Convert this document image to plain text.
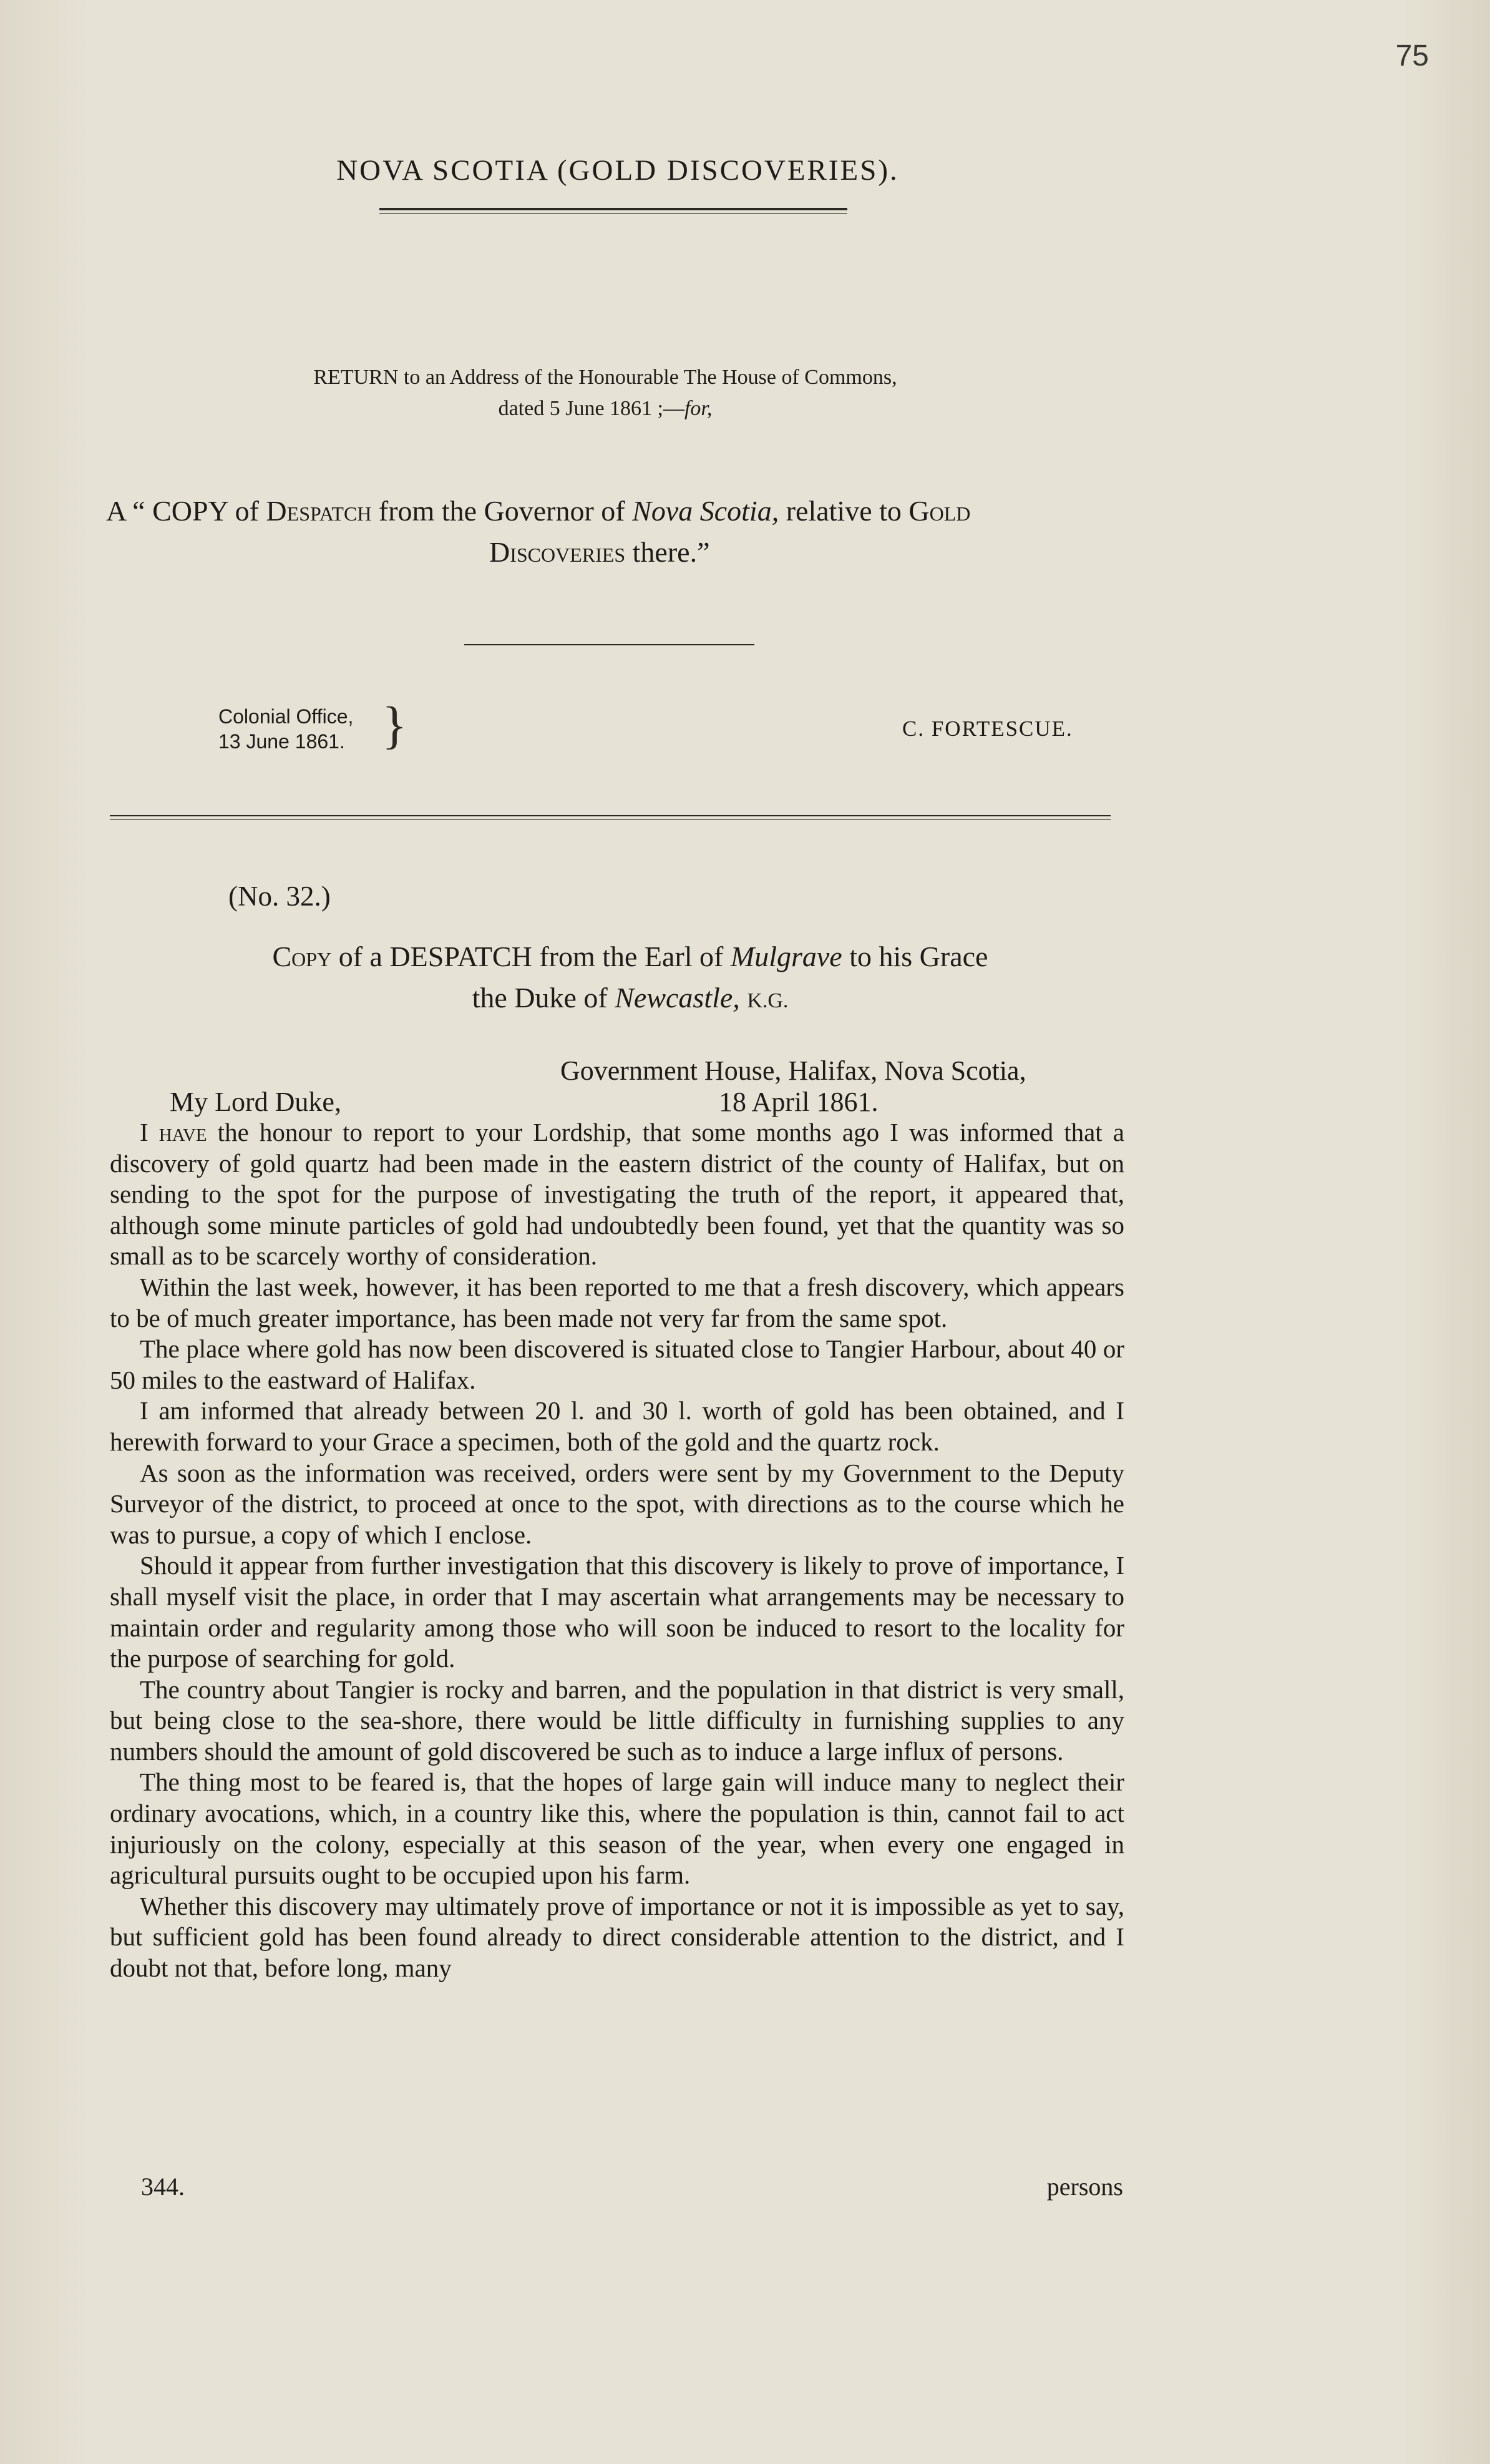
75
NOVA SCOTIA (GOLD DISCOVERIES).
RETURN to an Address of the Honourable The House of Commons,
dated 5 June 1861 ;—for,
A “ COPY of Despatch from the Governor of Nova Scotia, relative to Gold
Discoveries there.”
Colonial Office,
13 June 1861. }	C. FORTESCUE.
(No. 32.)
Copy of a DESPATCH from the Earl of Mulgrave to his Grace
the Duke of Newcastle, K.G.
Government House, Halifax, Nova Scotia,
My Lord Duke,	18 April 1861.

I have the honour to report to your Lordship, that some months ago I was informed that a discovery of gold quartz had been made in the eastern district of the county of Halifax, but on sending to the spot for the purpose of investigating the truth of the report, it appeared that, although some minute particles of gold had undoubtedly been found, yet that the quantity was so small as to be scarcely worthy of consideration.

Within the last week, however, it has been reported to me that a fresh discovery, which appears to be of much greater importance, has been made not very far from the same spot.

The place where gold has now been discovered is situated close to Tangier Harbour, about 40 or 50 miles to the eastward of Halifax.

I am informed that already between 20 l. and 30 l. worth of gold has been obtained, and I herewith forward to your Grace a specimen, both of the gold and the quartz rock.

As soon as the information was received, orders were sent by my Government to the Deputy Surveyor of the district, to proceed at once to the spot, with directions as to the course which he was to pursue, a copy of which I enclose.

Should it appear from further investigation that this discovery is likely to prove of importance, I shall myself visit the place, in order that I may ascertain what arrangements may be necessary to maintain order and regularity among those who will soon be induced to resort to the locality for the purpose of searching for gold.

The country about Tangier is rocky and barren, and the population in that district is very small, but being close to the sea-shore, there would be little difficulty in furnishing supplies to any numbers should the amount of gold discovered be such as to induce a large influx of persons.

The thing most to be feared is, that the hopes of large gain will induce many to neglect their ordinary avocations, which, in a country like this, where the population is thin, cannot fail to act injuriously on the colony, especially at this season of the year, when every one engaged in agricultural pursuits ought to be occupied upon his farm.

Whether this discovery may ultimately prove of importance or not it is impossible as yet to say, but sufficient gold has been found already to direct considerable attention to the district, and I doubt not that, before long, many

344.	persons
